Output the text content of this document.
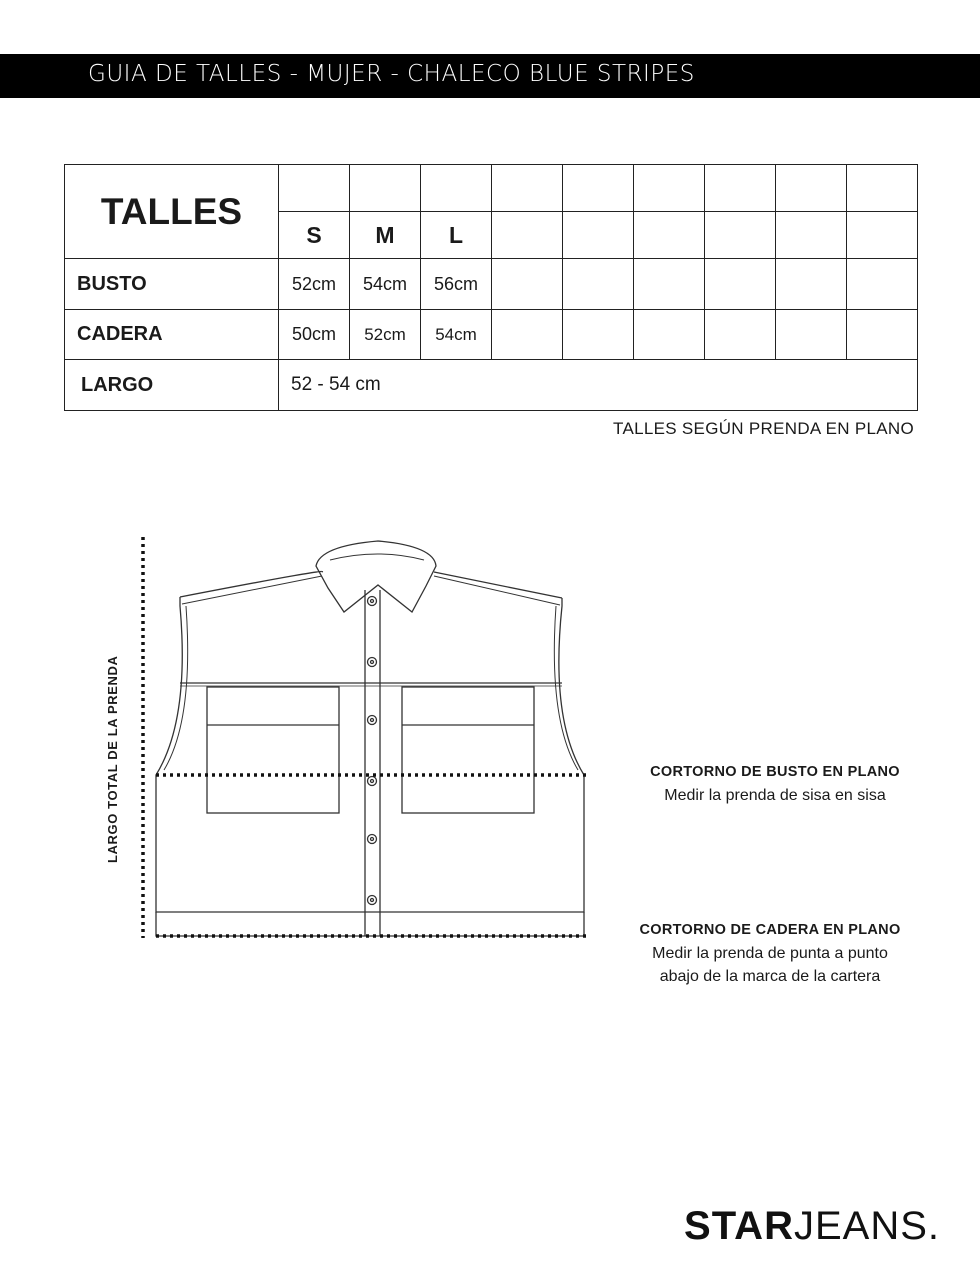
GUIA DE TALLES - MUJER - CHALECO BLUE STRIPES
TALLES									
	S	M	L						
BUSTO	52cm	54cm	56cm						
CADERA	50cm	52cm	54cm						
LARGO	52 - 54 cm								
TALLES SEGÚN PRENDA EN PLANO
LARGO TOTAL DE LA PRENDA	CORTORNO DE BUSTO EN PLANO
Medir la prenda de sisa en sisa
CORTORNO DE CADERA EN PLANO
Medir la prenda de punta a punto
abajo de la marca de la cartera
STARJEANS.
